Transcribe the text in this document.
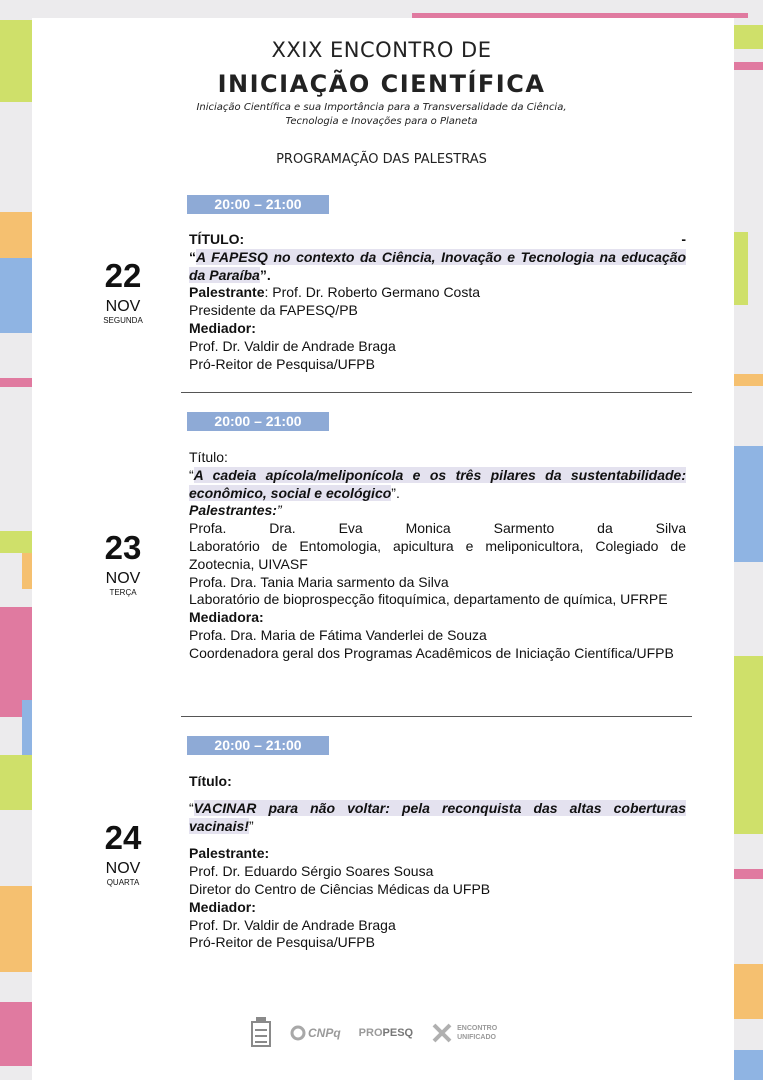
XXIX ENCONTRO DE
INICIAÇÃO CIENTÍFICA
Iniciação Científica e sua Importância para a Transversalidade da Ciência,
Tecnologia e Inovações para o Planeta
PROGRAMAÇÃO DAS PALESTRAS
20:00 – 21:00
22
NOV
SEGUNDA

TÍTULO:	-

“A FAPESQ no contexto da Ciência, Inovação e Tecnologia na educação da Paraíba”.

Palestrante: Prof. Dr. Roberto Germano Costa

Presidente da FAPESQ/PB

Mediador:

Prof. Dr. Valdir de Andrade Braga

Pró-Reitor de Pesquisa/UFPB

20:00 – 21:00
23
NOV
TERÇA

Título:

“A cadeia apícola/meliponícola e os três pilares da sustentabilidade: econômico, social e ecológico”.

Palestrantes:”

Profa. Dra. Eva Monica Sarmento da Silva

Laboratório de Entomologia, apicultura e meliponicultora, Colegiado de Zootecnia, UIVASF

Profa. Dra. Tania Maria sarmento da Silva

Laboratório de bioprospecção fitoquímica, departamento de química, UFRPE

Mediadora:

Profa. Dra. Maria de Fátima Vanderlei de Souza

Coordenadora geral dos Programas Acadêmicos de Iniciação Científica/UFPB

20:00 – 21:00
24
NOV
QUARTA

Título:

“VACINAR para não voltar: pela reconquista das altas coberturas vacinais!”

Palestrante:

Prof. Dr. Eduardo Sérgio Soares Sousa

Diretor do Centro de Ciências Médicas da UFPB

Mediador:

Prof. Dr. Valdir de Andrade Braga

Pró-Reitor de Pesquisa/UFPB

CNPq PRO PESQ	ENCONTRO
UNIFICADO
